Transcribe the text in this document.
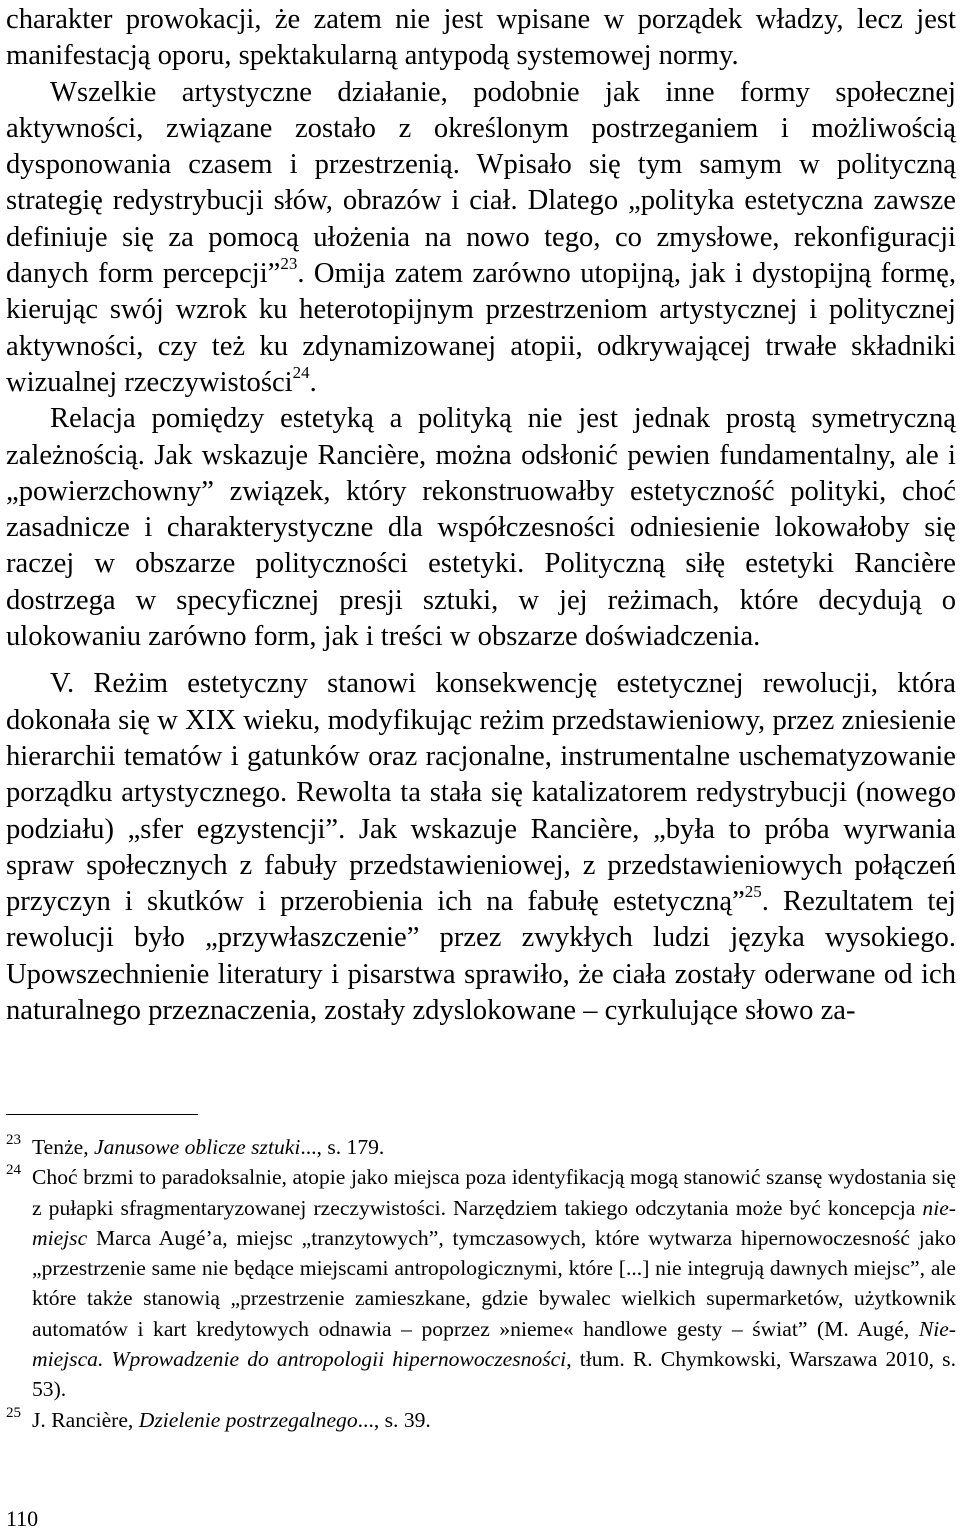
charakter prowokacji, że zatem nie jest wpisane w porządek władzy, lecz jest manifestacją oporu, spektakularną antypodą systemowej normy.

Wszelkie artystyczne działanie, podobnie jak inne formy społecznej aktywności, związane zostało z określonym postrzeganiem i możliwością dysponowania czasem i przestrzenią. Wpisało się tym samym w polityczną strategię redystrybucji słów, obrazów i ciał. Dlatego „polityka estetyczna zawsze definiuje się za pomocą ułożenia na nowo tego, co zmysłowe, rekonfiguracji danych form percepcji”$^{23}$. Omija zatem zarówno utopijną, jak i dystopijną formę, kierując swój wzrok ku heterotopijnym przestrzeniom artystycznej i politycznej aktywności, czy też ku zdynamizowanej atopii, odkrywającej trwałe składniki wizualnej rzeczywistości$^{24}$.

Relacja pomiędzy estetyką a polityką nie jest jednak prostą symetryczną zależnością. Jak wskazuje Rancière, można odsłonić pewien fundamentalny, ale i „powierzchowny” związek, który rekonstruowałby estetyczność polityki, choć zasadnicze i charakterystyczne dla współczesności odniesienie lokowałoby się raczej w obszarze polityczności estetyki. Polityczną siłę estetyki Rancière dostrzega w specyficznej presji sztuki, w jej reżimach, które decydują o ulokowaniu zarówno form, jak i treści w obszarze doświadczenia.

V. Reżim estetyczny stanowi konsekwencję estetycznej rewolucji, która dokonała się w XIX wieku, modyfikując reżim przedstawieniowy, przez zniesienie hierarchii tematów i gatunków oraz racjonalne, instrumentalne uschematyzowanie porządku artystycznego. Rewolta ta stała się katalizatorem redystrybucji (nowego podziału) „sfer egzystencji”. Jak wskazuje Rancière, „była to próba wyrwania spraw społecznych z fabuły przedstawieniowej, z przedstawieniowych połączeń przyczyn i skutków i przerobienia ich na fabułę estetyczną”$^{25}$. Rezultatem tej rewolucji było „przywłaszczenie” przez zwykłych ludzi języka wysokiego. Upowszechnienie literatury i pisarstwa sprawiło, że ciała zostały oderwane od ich naturalnego przeznaczenia, zostały zdyslokowane – cyrkulujące słowo za-

23 Tenże, Janusowe oblicze sztuki..., s. 179.
24 Choć brzmi to paradoksalnie, atopie jako miejsca poza identyfikacją mogą stanowić szansę wydostania się z pułapki sfragmentaryzowanej rzeczywistości. Narzędziem takiego odczytania może być koncepcja nie-miejsc Marca Augé’a, miejsc „tranzytowych”, tymczasowych, które wytwarza hipernowoczesność jako „przestrzenie same nie będące miejscami antropologicznymi, które [...] nie integrują dawnych miejsc”, ale które także stanowią „przestrzenie zamieszkane, gdzie bywalec wielkich supermarketów, użytkownik automatów i kart kredytowych odnawia – poprzez »nieme« handlowe gesty – świat” (M. Augé, Nie-miejsca. Wprowadzenie do antropologii hipernowoczesności, tłum. R. Chymkowski, Warszawa 2010, s. 53).
25 J. Rancière, Dzielenie postrzegalnego..., s. 39.
110
